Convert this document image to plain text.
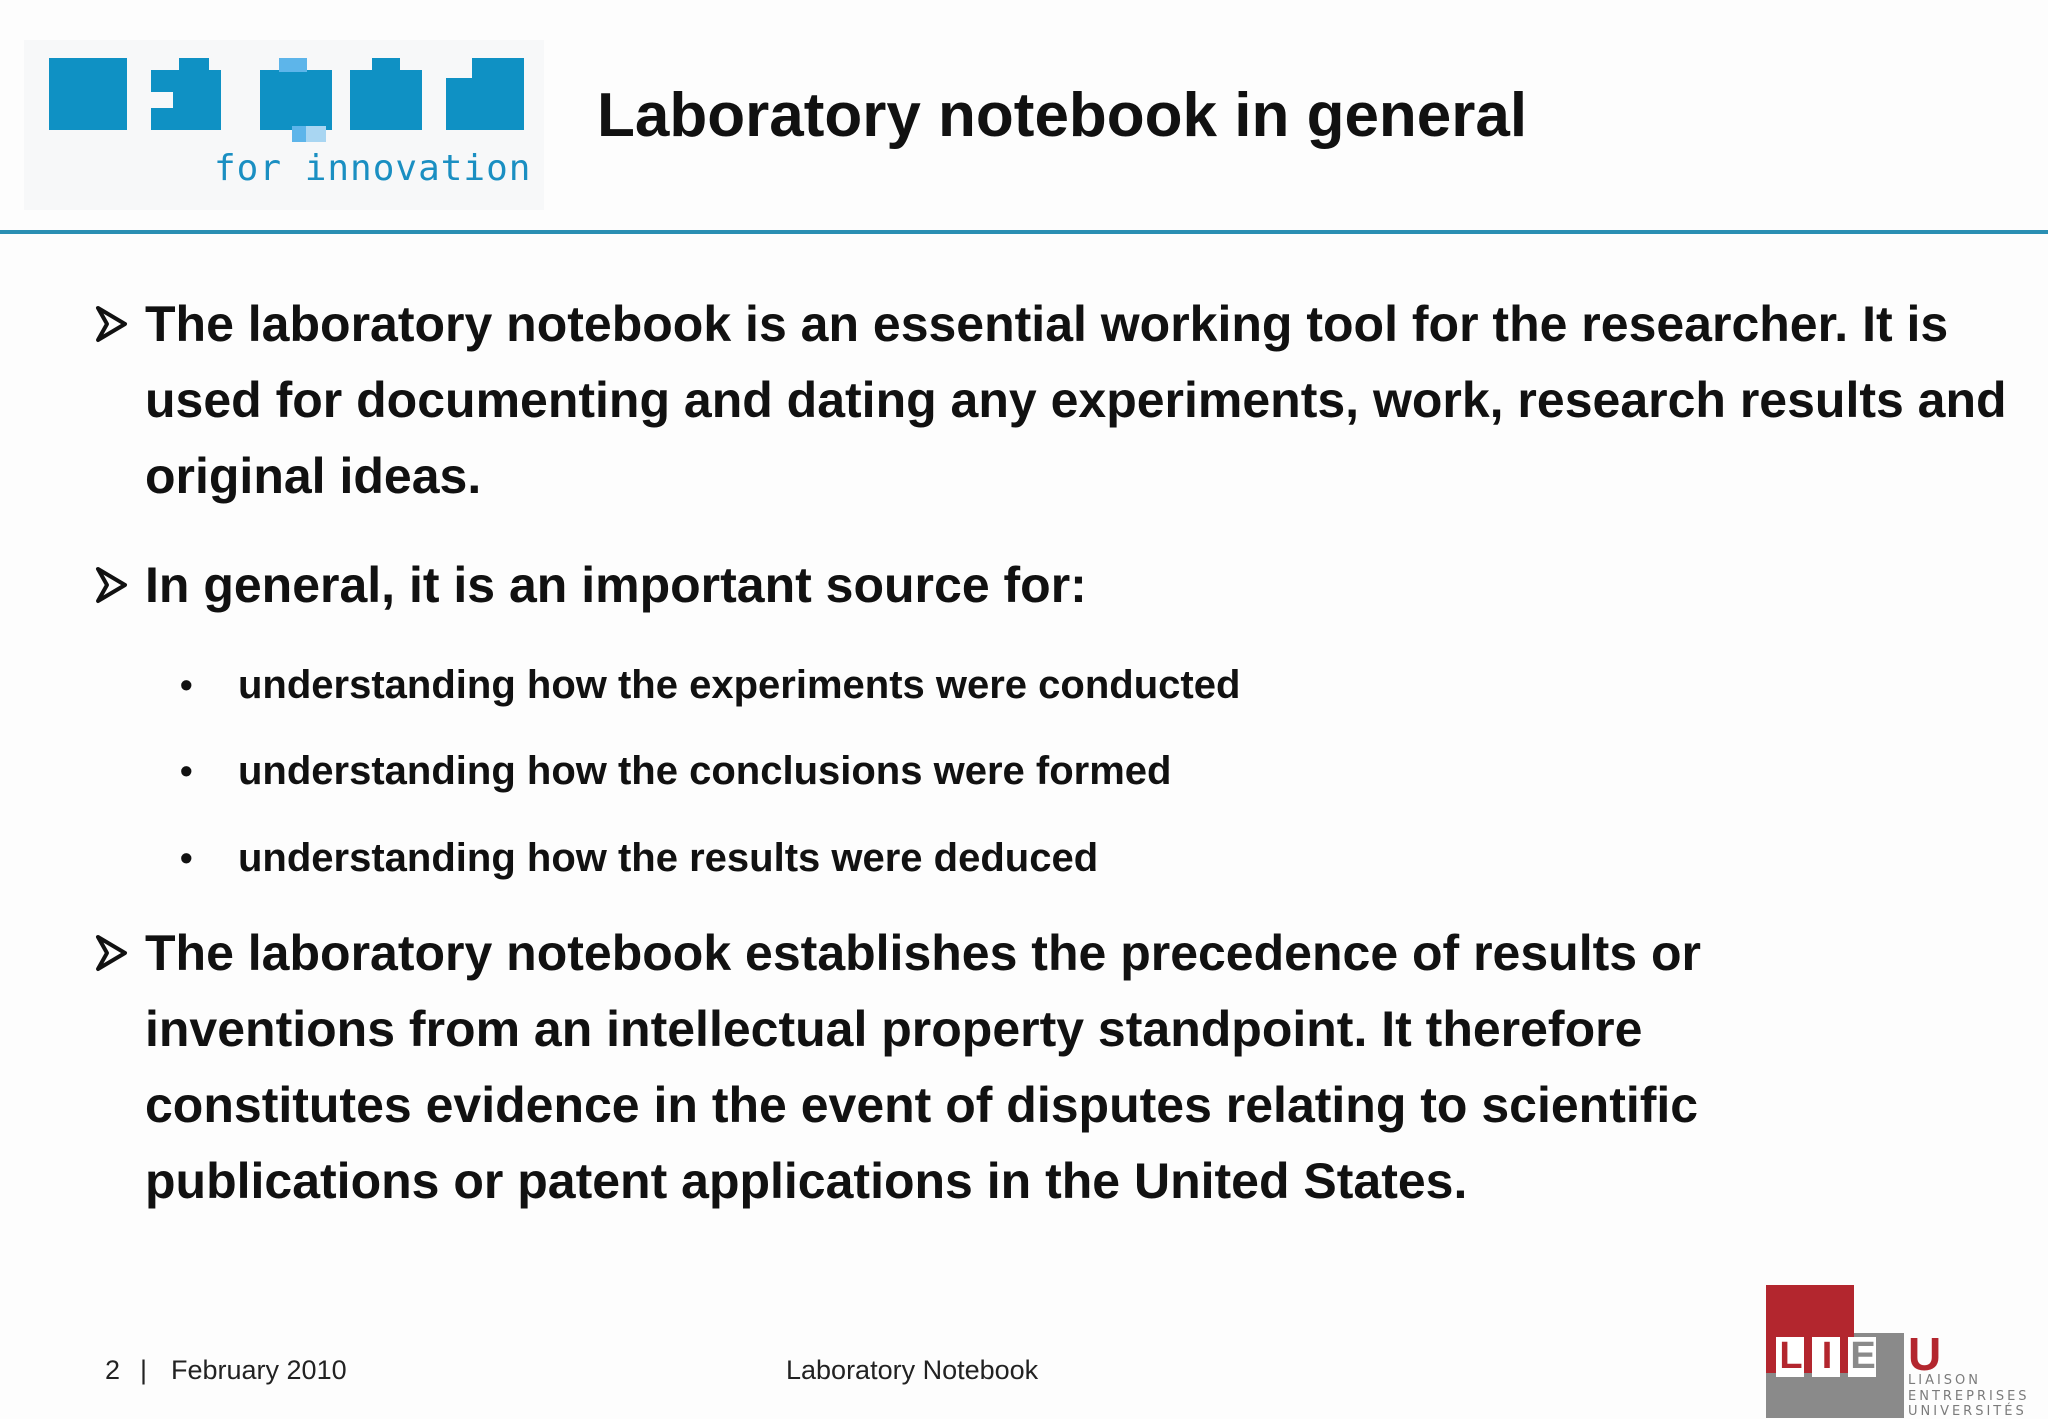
for innovation
Laboratory notebook in general
The laboratory notebook is an essential working tool for the researcher. It is used for documenting and dating any experiments, work, research results and original ideas.
In general, it is an important source for:
• understanding how the experiments were conducted
• understanding how the conclusions were formed
• understanding how the results were deduced
The laboratory notebook establishes the precedence of results or inventions from an intellectual property standpoint. It therefore constitutes evidence in the event of disputes relating to scientific publications or patent applications in the United States.
2 | February 2010	Laboratory Notebook	L I E U
LIAISON
ENTREPRISES
UNIVERSITÉS
